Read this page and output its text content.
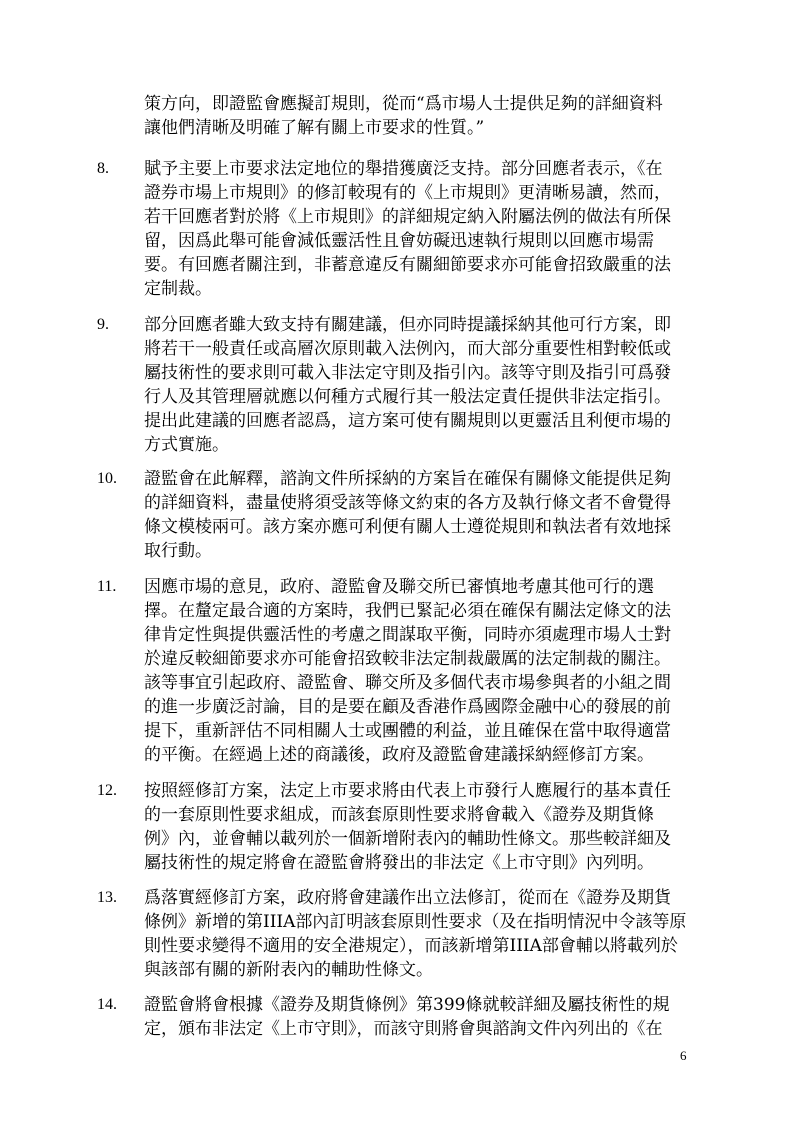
策方向，即證監會應擬訂規則，從而“爲市場人士提供足夠的詳細資料
讓他們清晰及明確了解有關上市要求的性質。”
8. 賦予主要上市要求法定地位的舉措獲廣泛支持。部分回應者表示，《在
證券市場上市規則》的修訂較現有的《上市規則》更清晰易讀，然而，
若干回應者對於將《上市規則》的詳細規定納入附屬法例的做法有所保
留，因爲此舉可能會減低靈活性且會妨礙迅速執行規則以回應市場需
要。有回應者關注到，非蓄意違反有關細節要求亦可能會招致嚴重的法
定制裁。
9. 部分回應者雖大致支持有關建議，但亦同時提議採納其他可行方案，即
將若干一般責任或高層次原則載入法例內，而大部分重要性相對較低或
屬技術性的要求則可載入非法定守則及指引內。該等守則及指引可爲發
行人及其管理層就應以何種方式履行其一般法定責任提供非法定指引。
提出此建議的回應者認爲，這方案可使有關規則以更靈活且利便市場的
方式實施。
10. 證監會在此解釋，諮詢文件所採納的方案旨在確保有關條文能提供足夠
的詳細資料，盡量使將須受該等條文約束的各方及執行條文者不會覺得
條文模棱兩可。該方案亦應可利便有關人士遵從規則和執法者有效地採
取行動。
11. 因應市場的意見，政府、證監會及聯交所已審慎地考慮其他可行的選
擇。在釐定最合適的方案時，我們已緊記必須在確保有關法定條文的法
律肯定性與提供靈活性的考慮之間謀取平衡，同時亦須處理市場人士對
於違反較細節要求亦可能會招致較非法定制裁嚴厲的法定制裁的關注。
該等事宜引起政府、證監會、聯交所及多個代表市場參與者的小組之間
的進一步廣泛討論，目的是要在顧及香港作爲國際金融中心的發展的前
提下，重新評估不同相關人士或團體的利益，並且確保在當中取得適當
的平衡。在經過上述的商議後，政府及證監會建議採納經修訂方案。
12. 按照經修訂方案，法定上市要求將由代表上市發行人應履行的基本責任
的一套原則性要求組成，而該套原則性要求將會載入《證券及期貨條
例》內，並會輔以載列於一個新增附表內的輔助性條文。那些較詳細及
屬技術性的規定將會在證監會將發出的非法定《上市守則》內列明。
13. 爲落實經修訂方案，政府將會建議作出立法修訂，從而在《證券及期貨
條例》新增的第IIIA部內訂明該套原則性要求（及在指明情況中令該等原
則性要求變得不適用的安全港規定），而該新增第IIIA部會輔以將載列於
與該部有關的新附表內的輔助性條文。
14. 證監會將會根據《證券及期貨條例》第399條就較詳細及屬技術性的規
定，頒布非法定《上市守則》，而該守則將會與諮詢文件內列出的《在
6
